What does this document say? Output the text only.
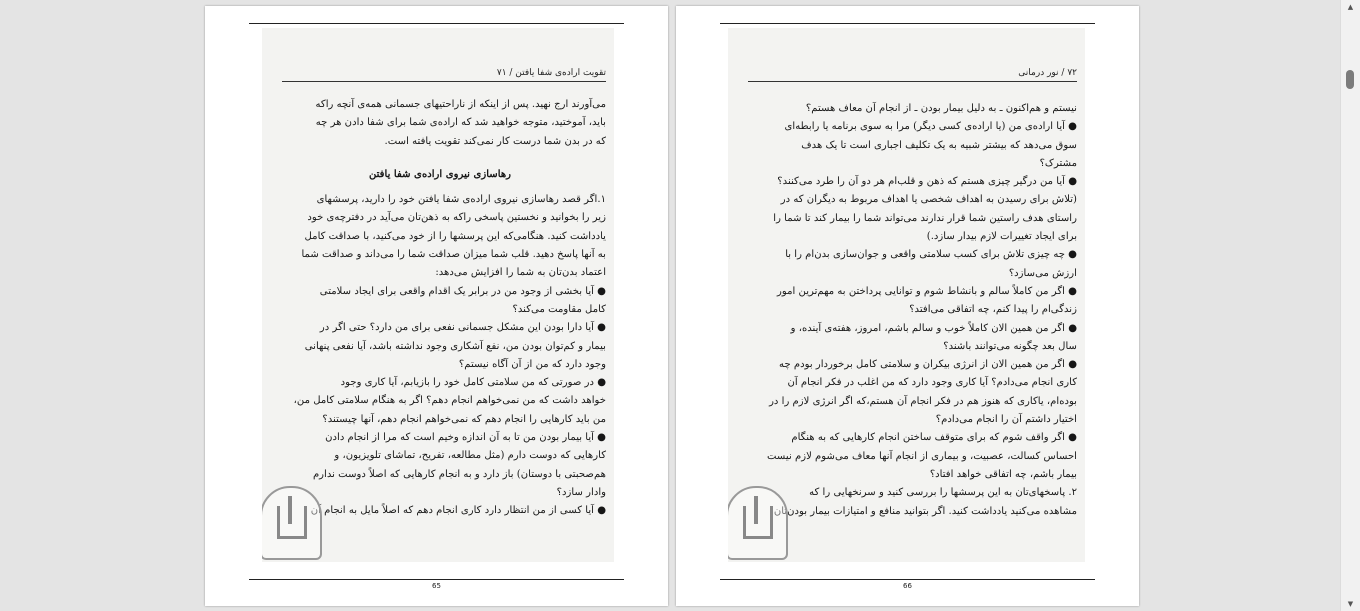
تقویت اراده‌ی شفا یافتن / ۷۱

می‌آورند ارج نهید. پس از اینکه از ناراحتیهای جسمانی همه‌ی آنچه راکه

باید، آموختید، متوجه خواهید شد که اراده‌ی شما برای شفا دادن هر چه

که در بدن شما درست کار نمی‌کند تقویت یافته است.

رهاسازی نیروی اراده‌ی شفا یافتن

۱.اگر قصد رهاسازی نیروی اراده‌ی شفا یافتن خود را دارید، پرسشهای

زیر را بخوانید و نخستین پاسخی راکه به ذهن‌تان می‌آید در دفترچه‌ی خود

یادداشت کنید. هنگامی‌که این پرسشها را از خود می‌کنید، با صداقت کامل

به آنها پاسخ دهید. قلب شما میزان صداقت شما را می‌داند و صداقت شما

اعتماد بدن‌تان به شما را افزایش می‌دهد:

● آیا بخشی از وجود من در برابر یک اقدام واقعی برای ایجاد سلامتی

کامل مقاومت می‌کند؟

● آیا دارا بودن این مشکل جسمانی نفعی برای من دارد؟ حتی اگر در

بیمار و کم‌توان بودن من، نفع آشکاری وجود نداشته باشد، آیا نفعی پنهانی

وجود دارد که من از آن آگاه نیستم؟

● در صورتی که من سلامتی کامل خود را بازیابم، آیا کاری وجود

خواهد داشت که من نمی‌خواهم انجام دهم؟ اگر به هنگام سلامتی کامل من،

من باید کارهایی را انجام دهم که نمی‌خواهم انجام دهم، آنها چیستند؟

● آیا بیمار بودن من تا به آن اندازه وخیم است که مرا از انجام دادن

کارهایی که دوست دارم (مثل مطالعه، تفریح، تماشای تلویزیون، و

هم‌صحبتی با دوستان) باز دارد و به انجام کارهایی که اصلاً دوست ندارم

وادار سازد؟

● آیا کسی از من انتظار دارد کاری انجام دهم که اصلاً مایل به انجام آن

65
۷۲ / نور درمانی

نیستم و هم‌اکنون ـ به دلیل بیمار بودن ـ از انجام آن معاف هستم؟

● آیا اراده‌ی من (یا اراده‌ی کسی دیگر) مرا به سوی برنامه یا رابطه‌ای

سوق می‌دهد که بیشتر شبیه به یک تکلیف اجباری است تا یک هدف

مشترک؟

● آیا من درگیر چیزی هستم که ذهن و قلب‌ام هر دو آن را طرد می‌کنند؟

(تلاش برای رسیدن به اهداف شخصی یا اهداف مربوط به دیگران که در

راستای هدف راستین شما قرار ندارند می‌تواند شما را بیمار کند تا شما را

برای ایجاد تغییرات لازم بیدار سازد.)

● چه چیزی تلاش برای کسب سلامتی واقعی و جوان‌سازی بدن‌ام را با

ارزش می‌سازد؟

● اگر من کاملاً سالم و بانشاط شوم و توانایی پرداختن به مهم‌ترین امور

زندگی‌ام را پیدا کنم، چه اتفاقی می‌افتد؟

● اگر من همین الان کاملاً خوب و سالم باشم، امروز، هفته‌ی آینده، و

سال بعد چگونه می‌توانند باشند؟

● اگر من همین الان از انرژی بیکران و سلامتی کامل برخوردار بودم چه

کاری انجام می‌دادم؟ آیا کاری وجود دارد که من اغلب در فکر انجام آن

بوده‌ام، یاکاری که هنوز هم در فکر انجام آن هستم،که اگر انرژی لازم را در

اختیار داشتم آن را انجام می‌دادم؟

● اگر واقف شوم که برای متوقف ساختن انجام کارهایی که به هنگام

احساس کسالت، عصبیت، و بیماری از انجام آنها معاف می‌شوم لازم نیست

بیمار باشم، چه اتفاقی خواهد افتاد؟

۲. پاسخهای‌تان به این پرسشها را بررسی کنید و سرنخهایی را که

مشاهده می‌کنید یادداشت کنید. اگر بتوانید منافع و امتیازات بیمار بودن‌تان

66
▲
▼
